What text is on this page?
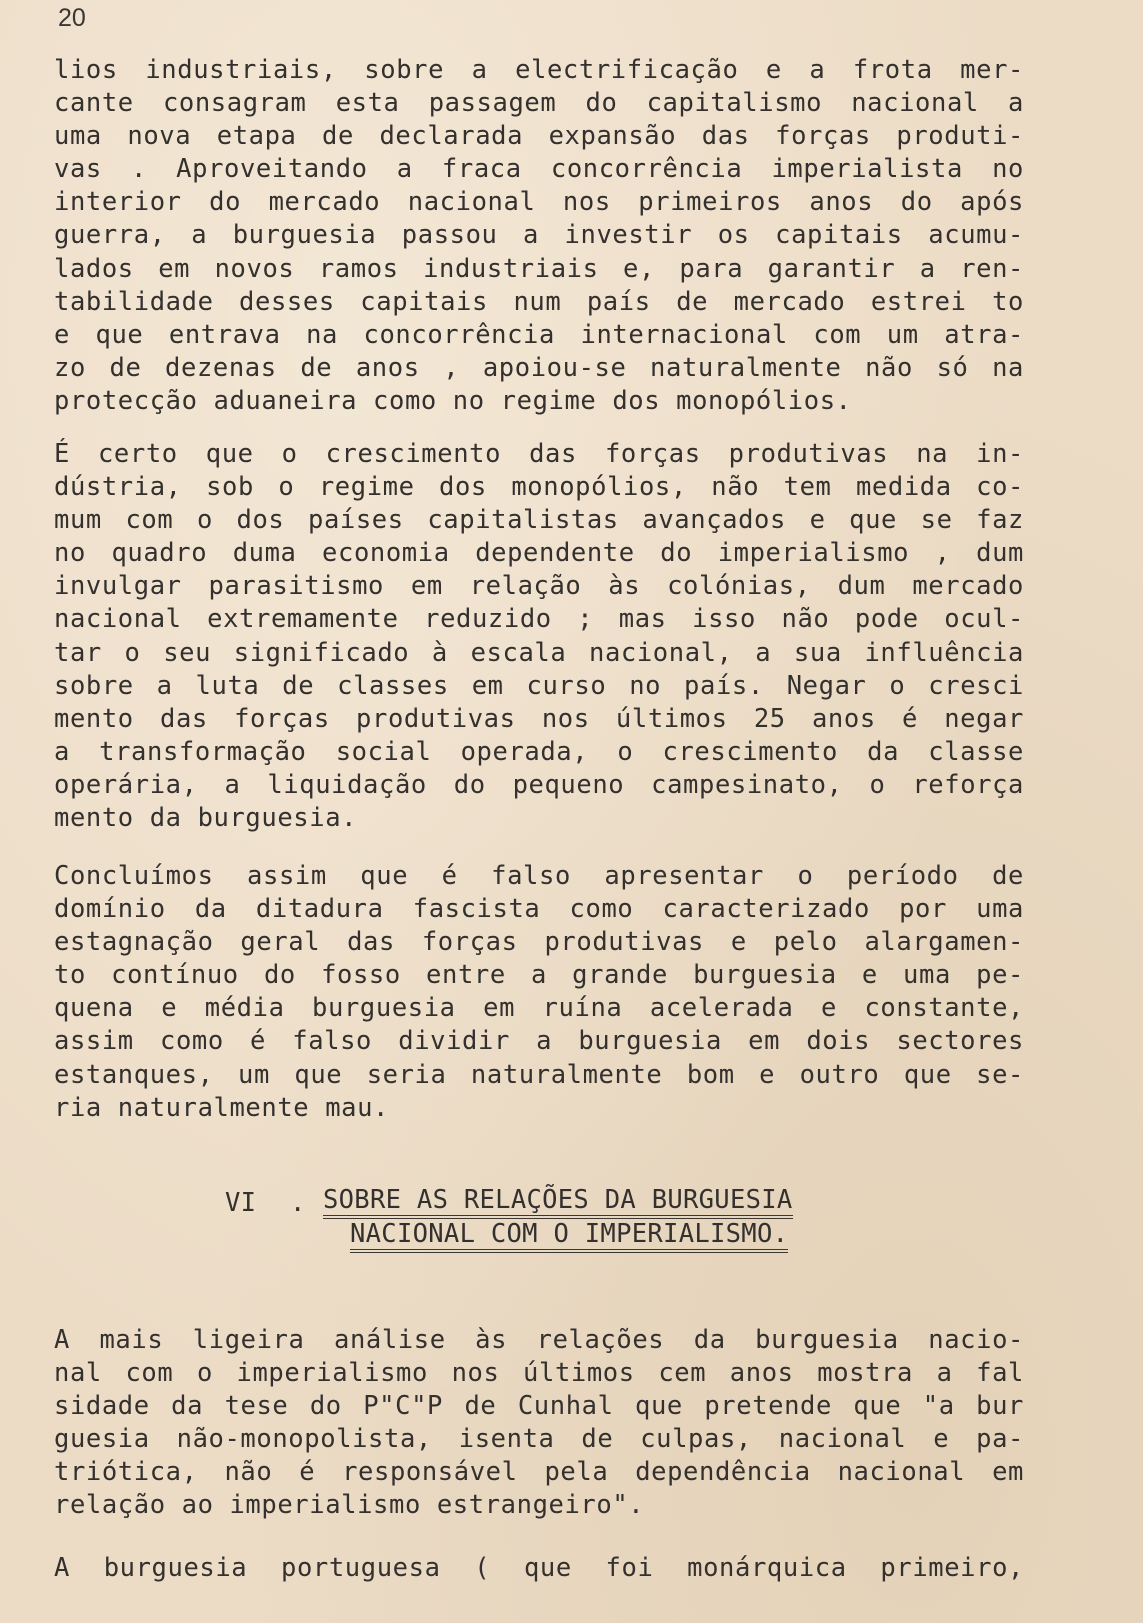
20
lios industriais, sobre a electrificação e a frota mer-
cante consagram esta passagem do capitalismo nacional a
uma nova etapa de declarada expansão das forças produti-
vas . Aproveitando a fraca concorrência imperialista no
interior do mercado nacional nos primeiros anos do após
guerra, a burguesia passou a investir os capitais acumu-
lados em novos ramos industriais e, para garantir a ren-
tabilidade desses capitais num país de mercado estrei to
e que entrava na concorrência internacional com um atra-
zo de dezenas de anos , apoiou-se naturalmente não só na
protecção aduaneira como no regime dos monopólios.
É certo que o crescimento das forças produtivas na in-
dústria, sob o regime dos monopólios, não tem medida co-
mum com o dos países capitalistas avançados e que se faz
no quadro duma economia dependente do imperialismo , dum
invulgar parasitismo em relação às colónias, dum mercado
nacional extremamente reduzido ; mas isso não pode ocul-
tar o seu significado à escala nacional, a sua influência
sobre a luta de classes em curso no país. Negar o cresci
mento das forças produtivas nos últimos 25 anos é negar
a transformação social operada, o crescimento da classe
operária, a liquidação do pequeno campesinato, o reforça
mento da burguesia.
Concluímos assim que é falso apresentar o período de
domínio da ditadura fascista como caracterizado por uma
estagnação geral das forças produtivas e pelo alargamen-
to contínuo do fosso entre a grande burguesia e uma pe-
quena e média burguesia em ruína acelerada e constante,
assim como é falso dividir a burguesia em dois sectores
estanques, um que seria naturalmente bom e outro que se-
ria naturalmente mau.
VI . SOBRE AS RELAÇÕES DA BURGUESIA
NACIONAL COM O IMPERIALISMO.
A mais ligeira análise às relações da burguesia nacio-
nal com o imperialismo nos últimos cem anos mostra a fal
sidade da tese do P"C"P de Cunhal que pretende que "a bur
guesia não-monopolista, isenta de culpas, nacional e pa-
triótica, não é responsável pela dependência nacional em
relação ao imperialismo estrangeiro".
A burguesia portuguesa ( que foi monárquica primeiro,
